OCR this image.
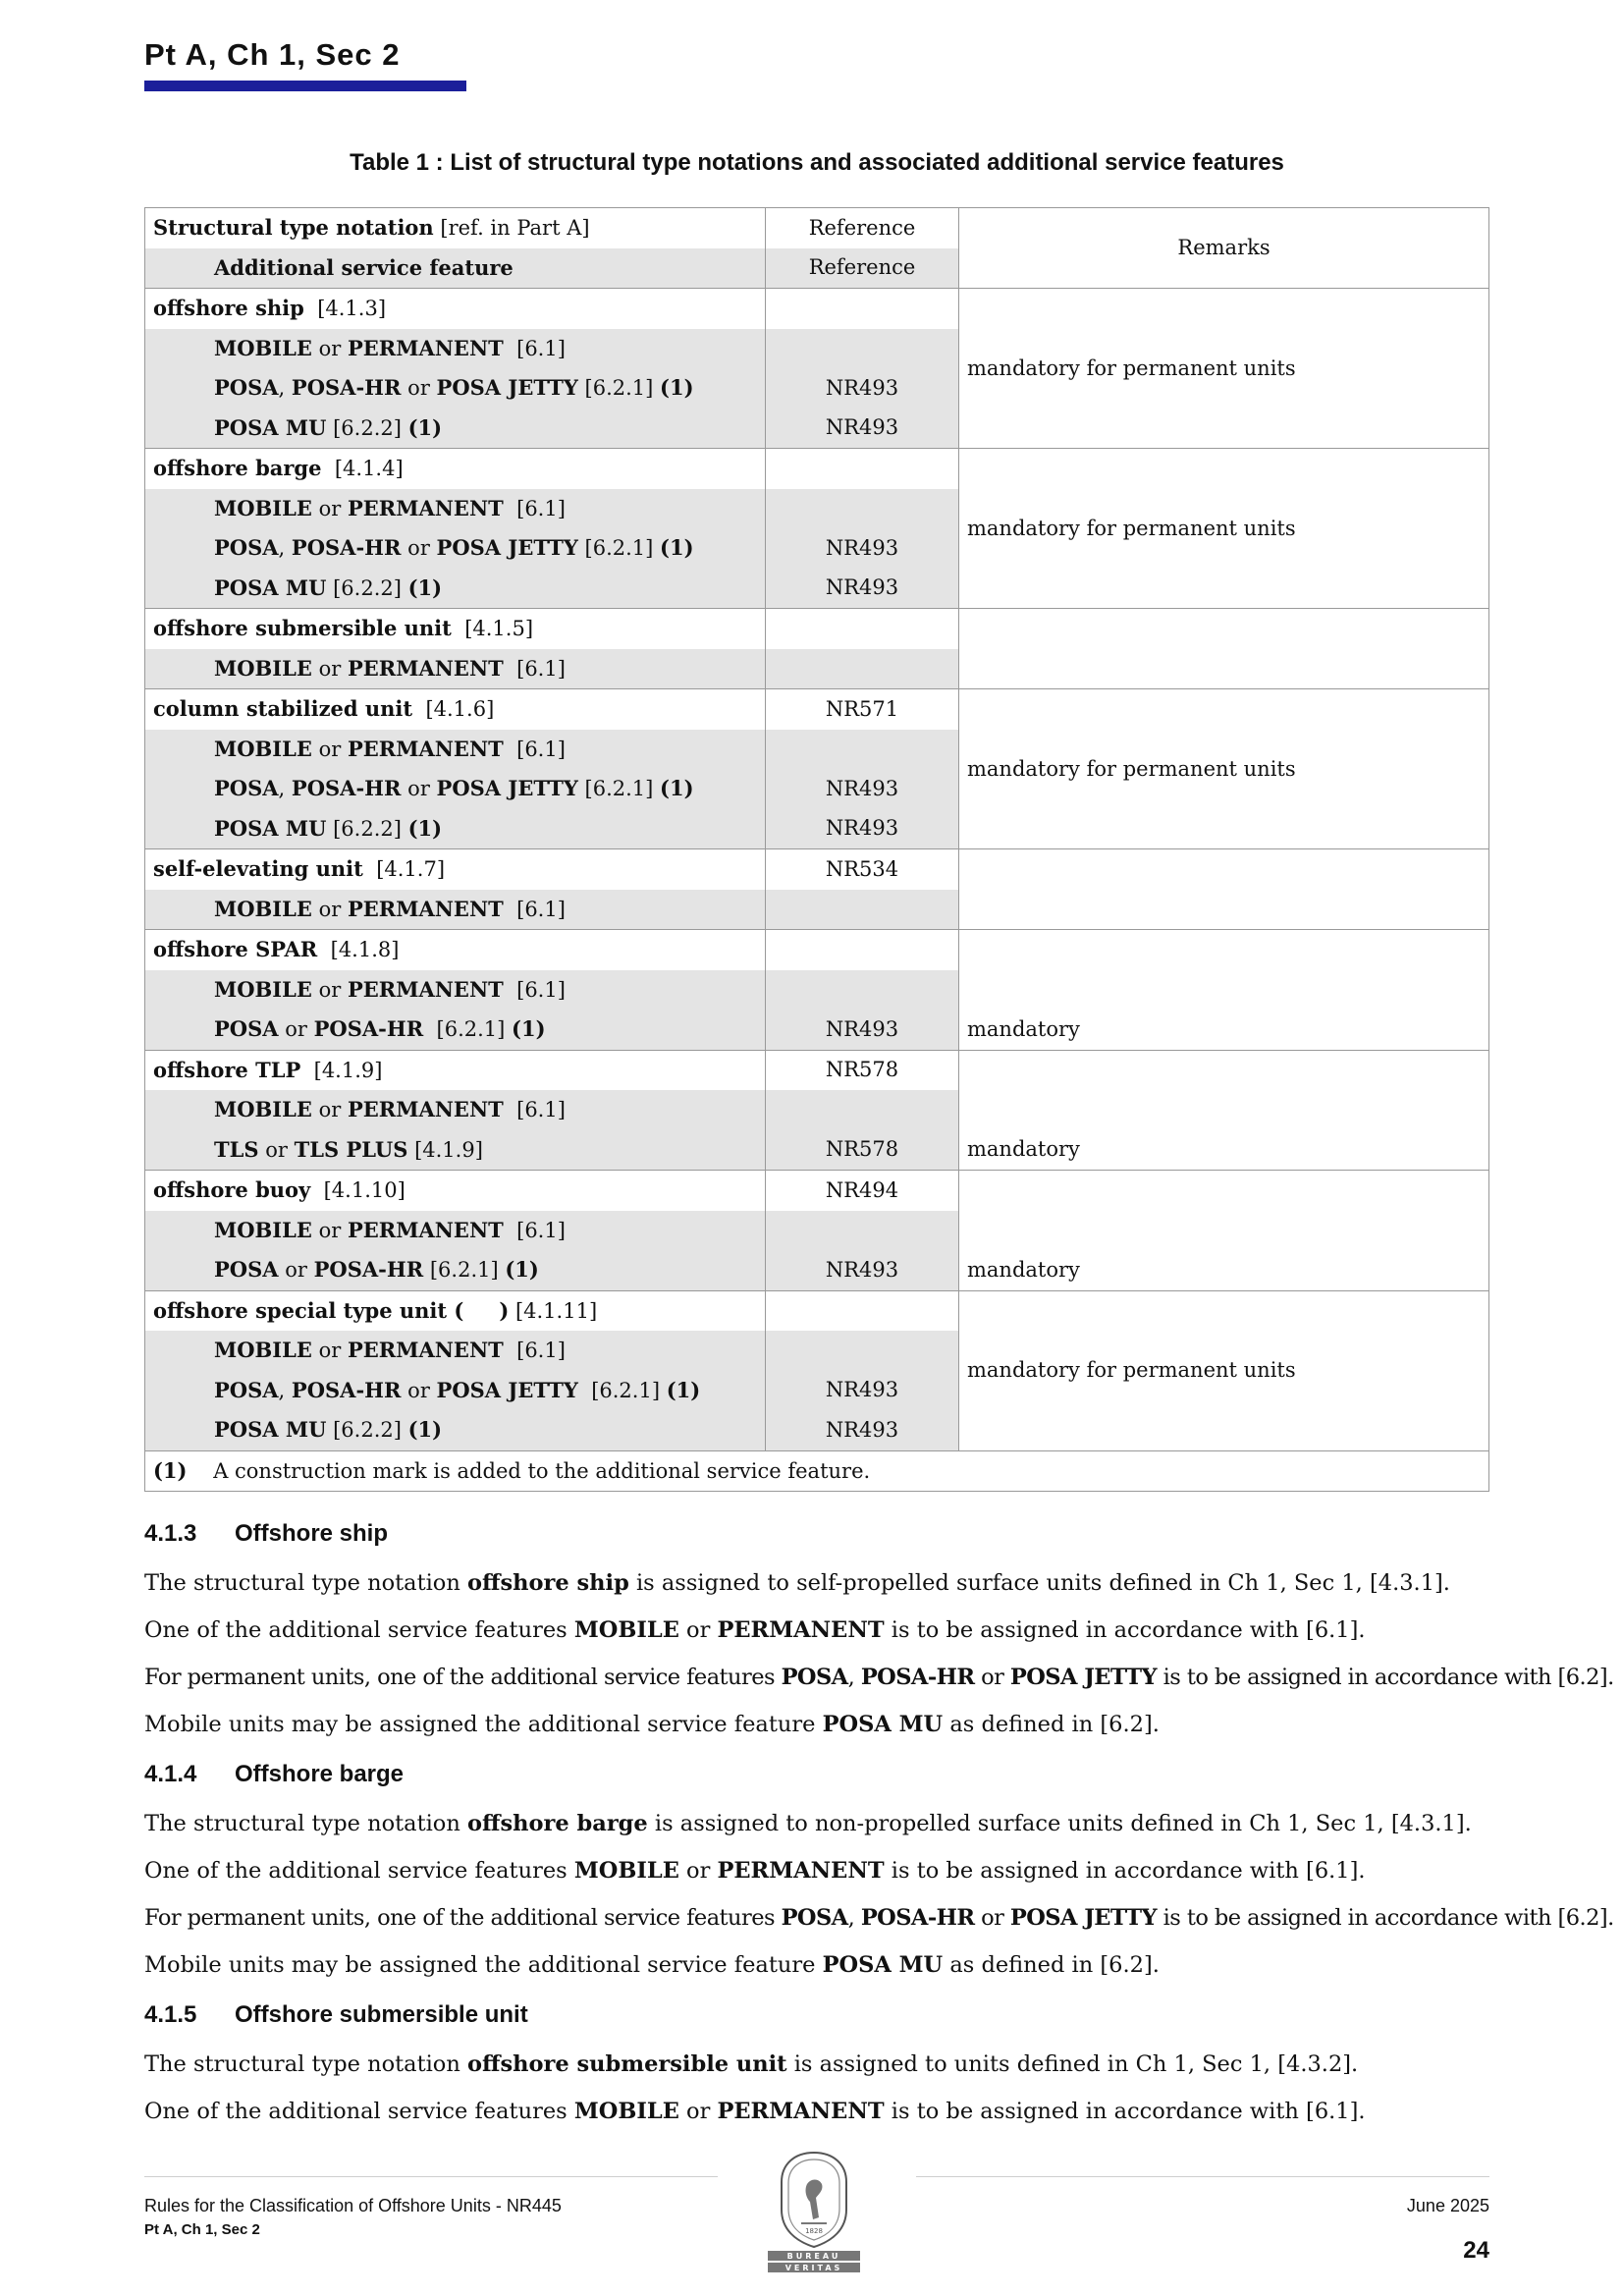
Pt A, Ch 1, Sec 2
Table 1 : List of structural type notations and associated additional service features
Structural type notation [ref. in Part A]	Reference	Remarks
Additional service feature	Reference	
offshore ship [4.1.3]		mandatory for permanent units
MOBILE or PERMANENT [6.1]		
POSA, POSA-HR or POSA JETTY [6.2.1] (1)	NR493	
POSA MU [6.2.2] (1)	NR493	
offshore barge [4.1.4]		mandatory for permanent units
MOBILE or PERMANENT [6.1]		
POSA, POSA-HR or POSA JETTY [6.2.1] (1)	NR493	
POSA MU [6.2.2] (1)	NR493	
offshore submersible unit [4.1.5]		
MOBILE or PERMANENT [6.1]		
column stabilized unit [4.1.6]	NR571	mandatory for permanent units
MOBILE or PERMANENT [6.1]		
POSA, POSA-HR or POSA JETTY [6.2.1] (1)	NR493	
POSA MU [6.2.2] (1)	NR493	
self-elevating unit [4.1.7]	NR534	
MOBILE or PERMANENT [6.1]		
offshore SPAR [4.1.8]		
MOBILE or PERMANENT [6.1]		
POSA or POSA-HR [6.2.1] (1)	NR493	mandatory
offshore TLP [4.1.9]	NR578	
MOBILE or PERMANENT [6.1]		
TLS or TLS PLUS [4.1.9]	NR578	mandatory
offshore buoy [4.1.10]	NR494	
MOBILE or PERMANENT [6.1]		
POSA or POSA-HR [6.2.1] (1)	NR493	mandatory
offshore special type unit ( ) [4.1.11]		mandatory for permanent units
MOBILE or PERMANENT [6.1]		
POSA, POSA-HR or POSA JETTY [6.2.1] (1)	NR493	
POSA MU [6.2.2] (1)	NR493	
(1) A construction mark is added to the additional service feature.		
4.1.3 Offshore ship
The structural type notation offshore ship is assigned to self-propelled surface units defined in Ch 1, Sec 1, [4.3.1].
One of the additional service features MOBILE or PERMANENT is to be assigned in accordance with [6.1].
For permanent units, one of the additional service features POSA, POSA-HR or POSA JETTY is to be assigned in accordance with [6.2].
Mobile units may be assigned the additional service feature POSA MU as defined in [6.2].
4.1.4 Offshore barge
The structural type notation offshore barge is assigned to non-propelled surface units defined in Ch 1, Sec 1, [4.3.1].
One of the additional service features MOBILE or PERMANENT is to be assigned in accordance with [6.1].
For permanent units, one of the additional service features POSA, POSA-HR or POSA JETTY is to be assigned in accordance with [6.2].
Mobile units may be assigned the additional service feature POSA MU as defined in [6.2].
4.1.5 Offshore submersible unit
The structural type notation offshore submersible unit is assigned to units defined in Ch 1, Sec 1, [4.3.2].
One of the additional service features MOBILE or PERMANENT is to be assigned in accordance with [6.1].
Rules for the Classification of Offshore Units - NR445
Pt A, Ch 1, Sec 2
June 2025
24
1828
BUREAU
VERITAS
